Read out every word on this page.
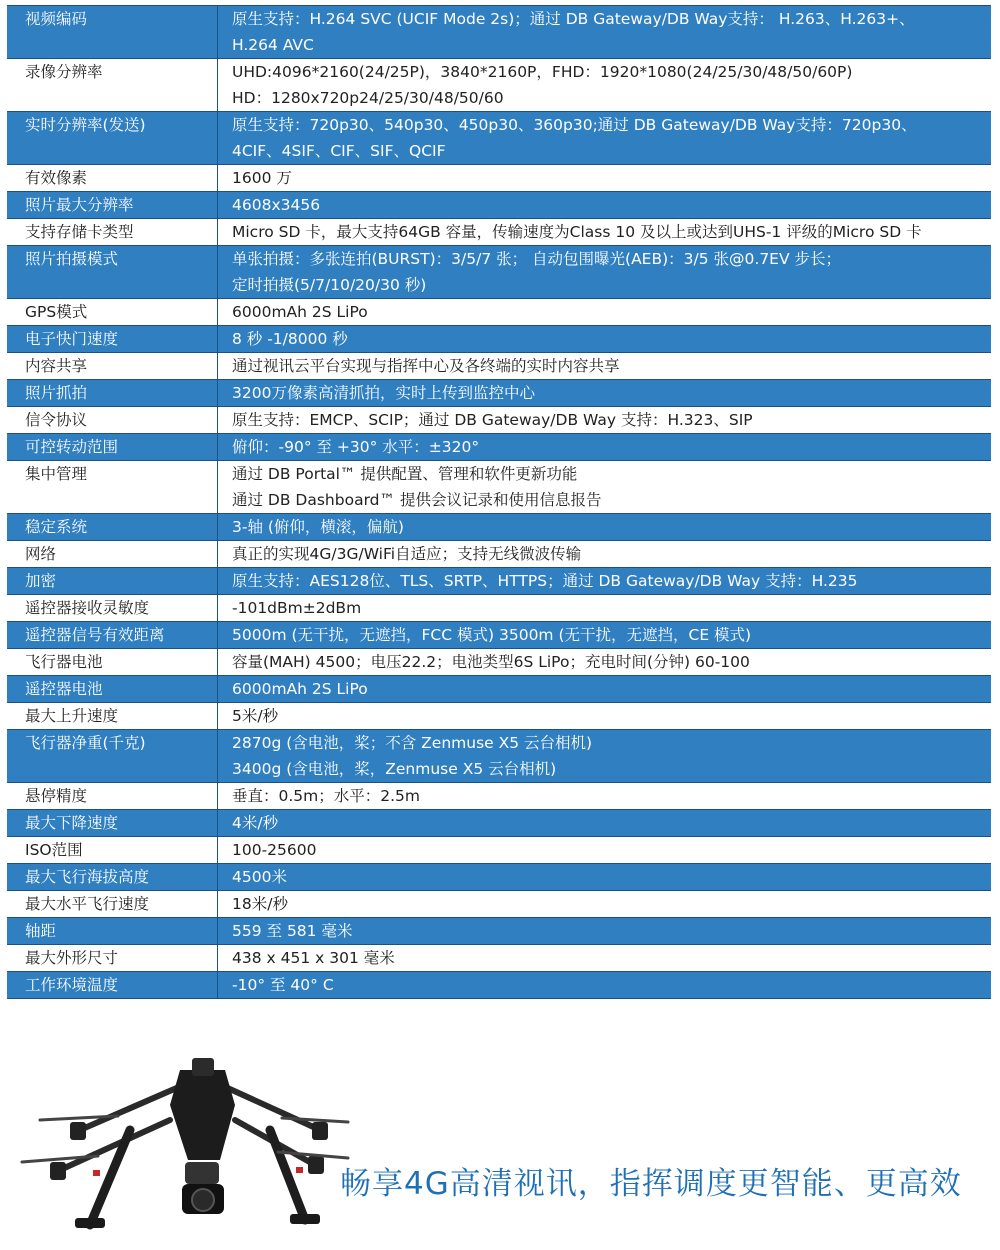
视频编码	原生支持：H.264 SVC (UCIF Mode 2s)；通过 DB Gateway/DB Way支持： H.263、H.263+、
H.264 AVC
录像分辨率	UHD:4096*2160(24/25P)，3840*2160P，FHD：1920*1080(24/25/30/48/50/60P)
HD：1280x720p24/25/30/48/50/60
实时分辨率(发送)	原生支持：720p30、540p30、450p30、360p30;通过 DB Gateway/DB Way支持：720p30、
4CIF、4SIF、CIF、SIF、QCIF
有效像素	1600 万
照片最大分辨率	4608x3456
支持存储卡类型	Micro SD 卡，最大支持64GB 容量，传输速度为Class 10 及以上或达到UHS-1 评级的Micro SD 卡
照片拍摄模式	单张拍摄：多张连拍(BURST)：3/5/7 张； 自动包围曝光(AEB)：3/5 张@0.7EV 步长；
定时拍摄(5/7/10/20/30 秒)
GPS模式	6000mAh 2S LiPo
电子快门速度	8 秒 -1/8000 秒
内容共享	通过视讯云平台实现与指挥中心及各终端的实时内容共享
照片抓拍	3200万像素高清抓拍，实时上传到监控中心
信令协议	原生支持：EMCP、SCIP；通过 DB Gateway/DB Way 支持：H.323、SIP
可控转动范围	俯仰：-90° 至 +30° 水平：±320°
集中管理	通过 DB Portal™ 提供配置、管理和软件更新功能
通过 DB Dashboard™ 提供会议记录和使用信息报告
稳定系统	3-轴 (俯仰，横滚，偏航)
网络	真正的实现4G/3G/WiFi自适应；支持无线微波传输
加密	原生支持：AES128位、TLS、SRTP、HTTPS；通过 DB Gateway/DB Way 支持：H.235
遥控器接收灵敏度	-101dBm±2dBm
遥控器信号有效距离	5000m (无干扰，无遮挡，FCC 模式) 3500m (无干扰，无遮挡，CE 模式)
飞行器电池	容量(MAH) 4500；电压22.2；电池类型6S LiPo；充电时间(分钟) 60-100
遥控器电池	6000mAh 2S LiPo
最大上升速度	5米/秒
飞行器净重(千克)	2870g (含电池，桨；不含 Zenmuse X5 云台相机)
3400g (含电池，桨，Zenmuse X5 云台相机)
悬停精度	垂直：0.5m；水平：2.5m
最大下降速度	4米/秒
ISO范围	100-25600
最大飞行海拔高度	4500米
最大水平飞行速度	18米/秒
轴距	559 至 581 毫米
最大外形尺寸	438 x 451 x 301 毫米
工作环境温度	-10° 至 40° C
畅享4G高清视讯，指挥调度更智能、更高效
